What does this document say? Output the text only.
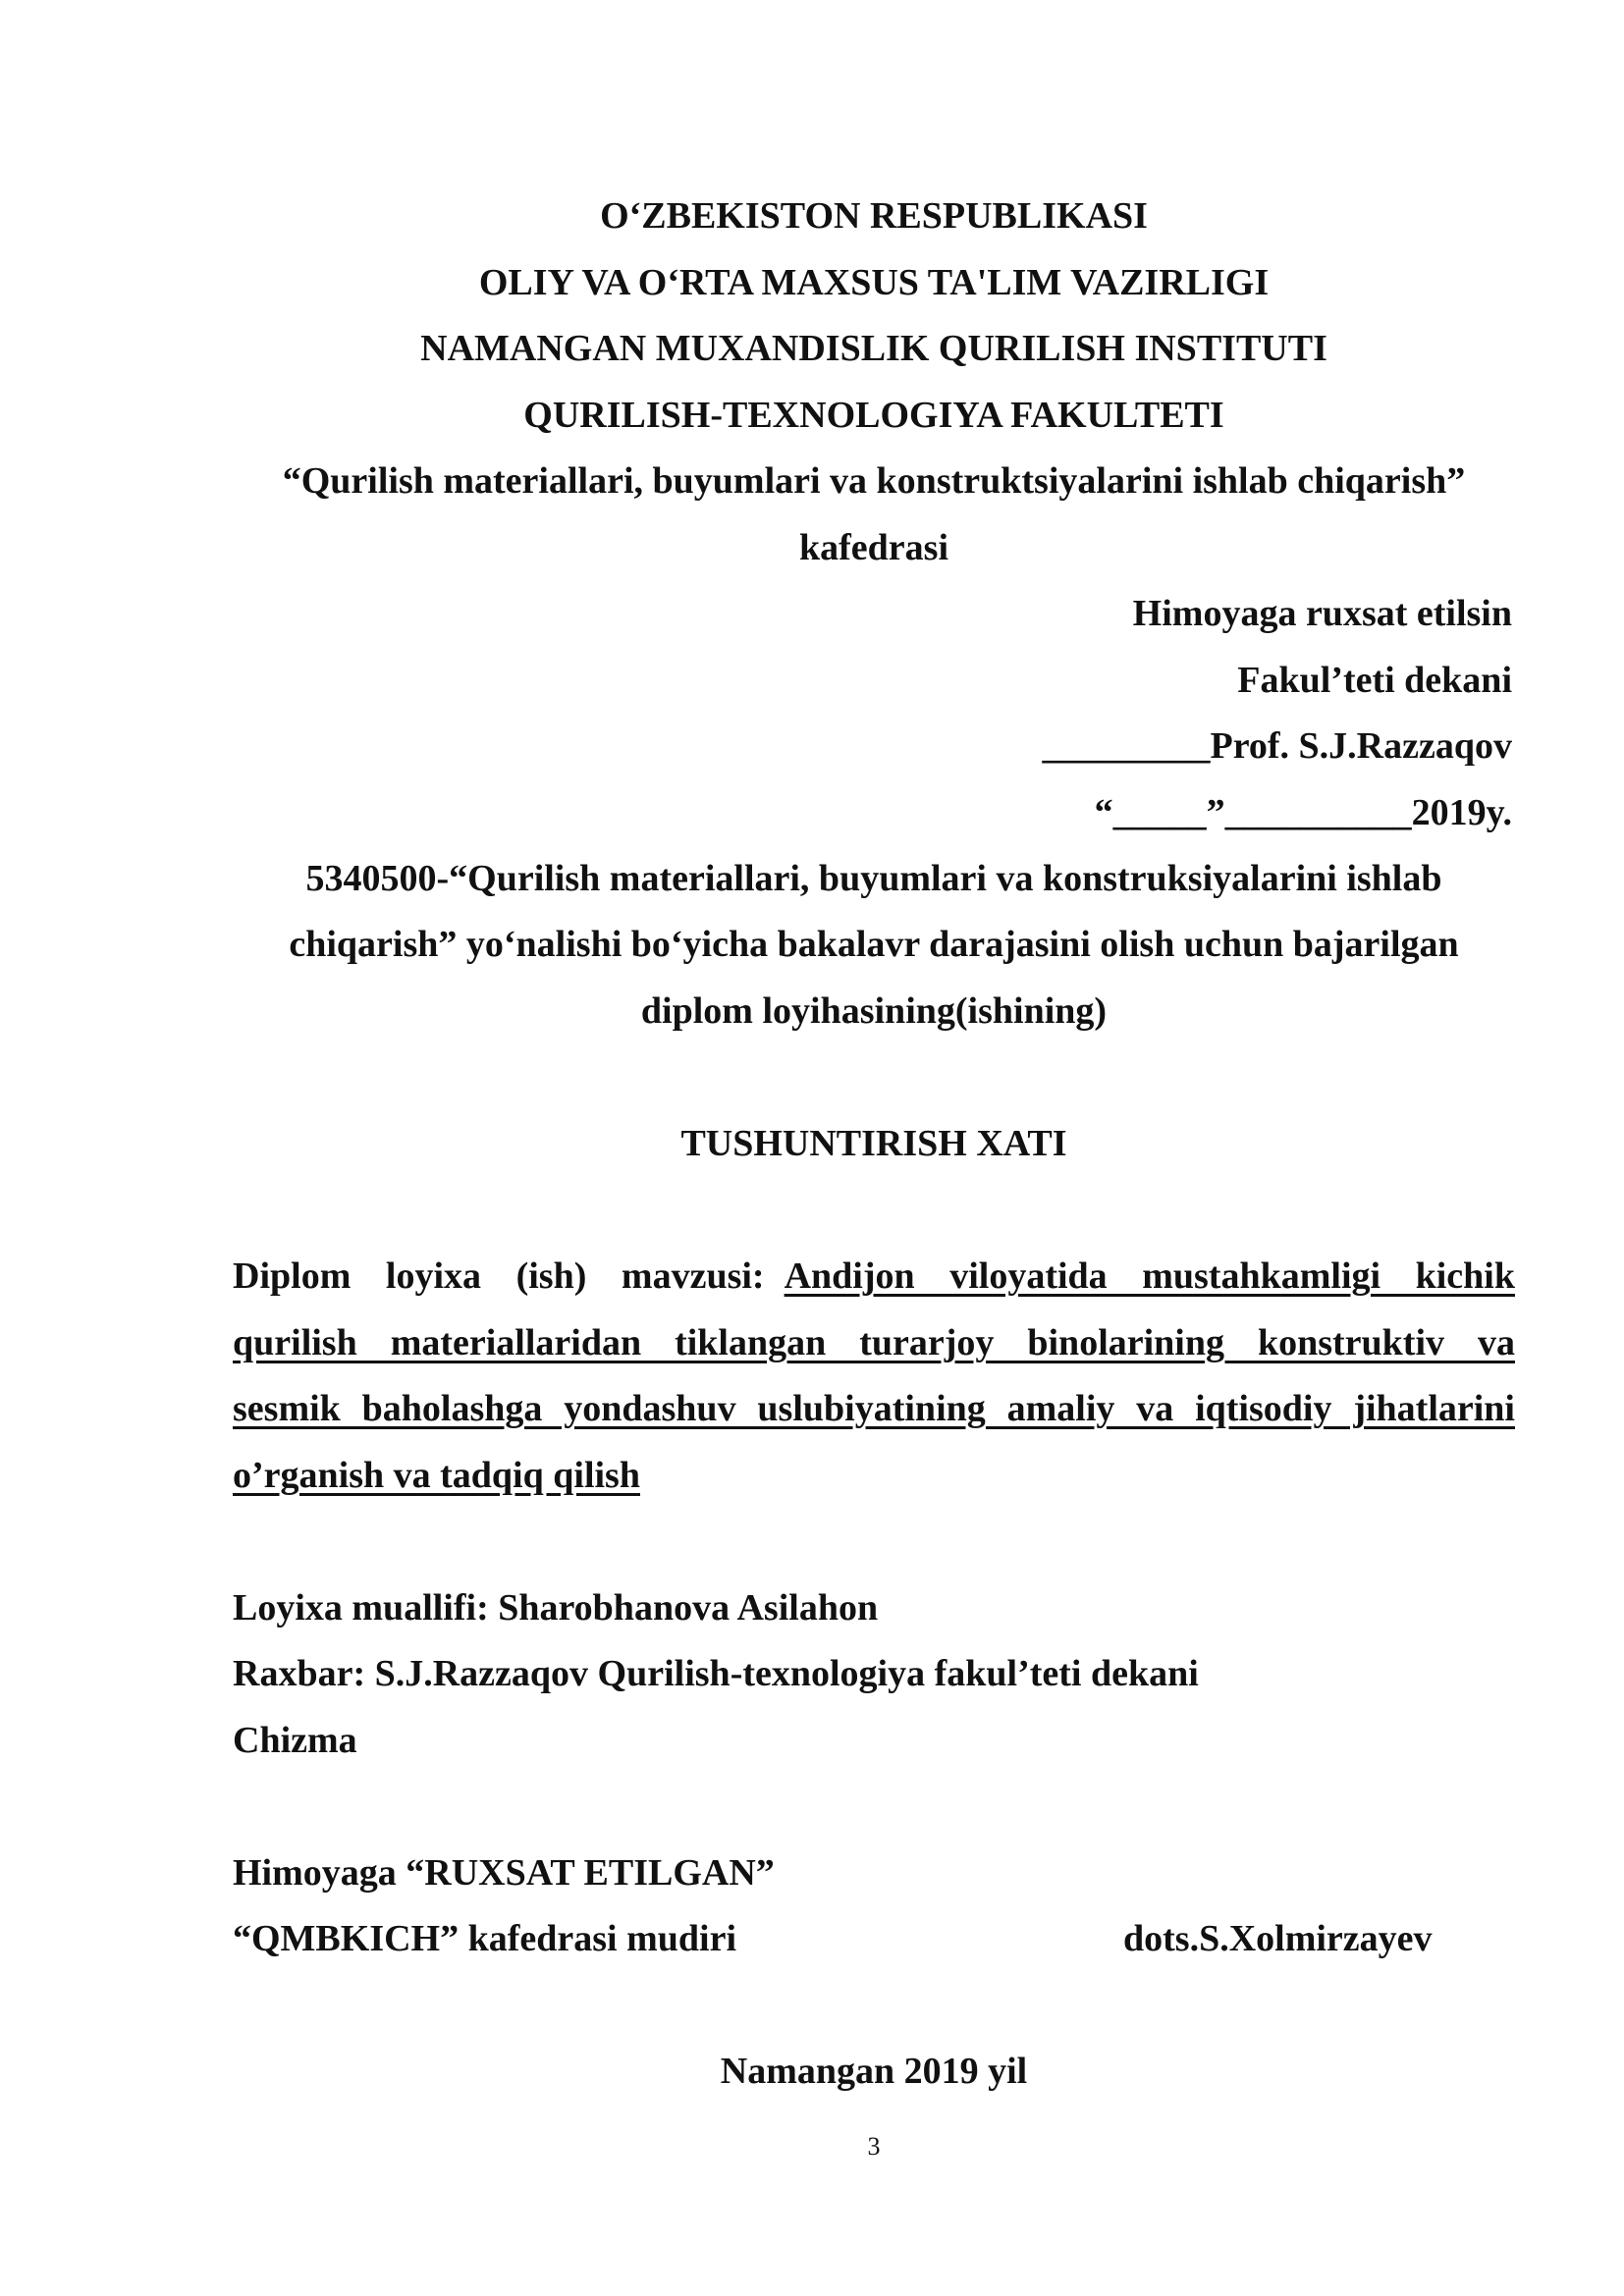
O‘ZBEKISTON RESPUBLIKASI
OLIY VA O‘RTA MAXSUS TA'LIM VAZIRLIGI
NAMANGAN MUXANDISLIK QURILISH INSTITUTI
QURILISH-TEXNOLOGIYA FAKULTETI
“Qurilish materiallari, buyumlari va konstruktsiyalarini ishlab chiqarish”
kafedrasi
Himoyaga ruxsat etilsin
Fakul’teti dekani
_________Prof. S.J.Razzaqov
“_____”__________2019y.
5340500-“Qurilish materiallari, buyumlari va konstruksiyalarini ishlab
chiqarish” yo‘nalishi bo‘yicha bakalavr darajasini olish uchun bajarilgan
diplom loyihasining(ishining)
TUSHUNTIRISH XATI
Diplom loyixa (ish) mavzusi: Andijon viloyatida mustahkamligi kichik
qurilish materiallaridan tiklangan turarjoy binolarining konstruktiv va
sesmik baholashga yondashuv uslubiyatining amaliy va iqtisodiy jihatlarini
o’rganish va tadqiq qilish
Loyixa muallifi: Sharobhanova Asilahon
Raxbar: S.J.Razzaqov Qurilish-texnologiya fakul’teti dekani
Chizma
Himoyaga “RUXSAT ETILGAN”
“QMBKICH” kafedrasi mudiri	dots.S.Xolmirzayev
Namangan 2019 yil
3
